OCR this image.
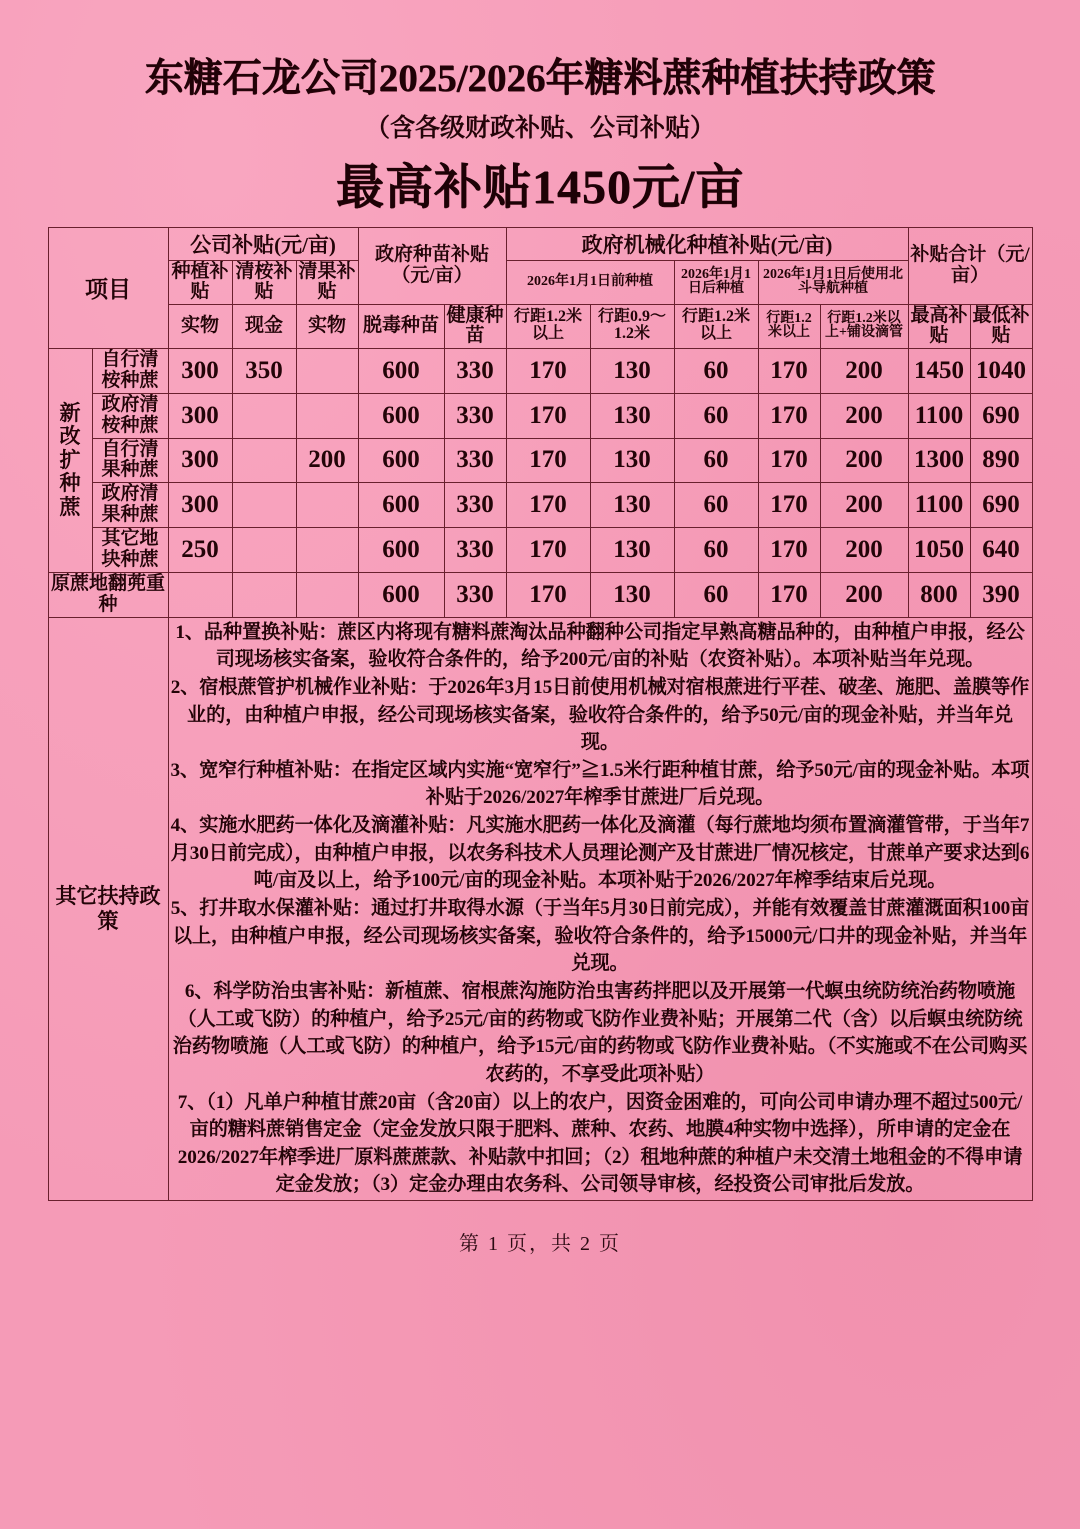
东糖石龙公司2025/2026年糖料蔗种植扶持政策
（含各级财政补贴、公司补贴）
最高补贴1450元/亩
项目		公司补贴(元/亩)			政府种苗补贴（元/亩）		政府机械化种植补贴(元/亩)					补贴合计（元/亩）	
		种植补贴	清桉补贴	清果补贴			2026年1月1日前种植		2026年1月1日后种植	2026年1月1日后使用北斗导航种植			
		实物	现金	实物	脱毒种苗	健康种苗	行距1.2米以上	行距0.9～1.2米	行距1.2米以上	行距1.2米以上	行距1.2米以上+铺设滴管	最高补贴	最低补贴
新改扩种蔗	自行清桉种蔗	300	350		600	330	170	130	60	170	200	1450	1040
	政府清桉种蔗	300			600	330	170	130	60	170	200	1100	690
	自行清果种蔗	300		200	600	330	170	130	60	170	200	1300	890
	政府清果种蔗	300			600	330	170	130	60	170	200	1100	690
	其它地块种蔗	250			600	330	170	130	60	170	200	1050	640
原蔗地翻蔸重种					600	330	170	130	60	170	200	800	390
其它扶持政策	

1、品种置换补贴：蔗区内将现有糖料蔗淘汰品种翻种公司指定早熟高糖品种的，由种植户申报，经公司现场核实备案，验收符合条件的，给予200元/亩的补贴（农资补贴）。本项补贴当年兑现。

2、宿根蔗管护机械作业补贴：于2026年3月15日前使用机械对宿根蔗进行平茬、破垄、施肥、盖膜等作业的，由种植户申报，经公司现场核实备案，验收符合条件的，给予50元/亩的现金补贴，并当年兑现。

3、宽窄行种植补贴：在指定区域内实施“宽窄行”≧1.5米行距种植甘蔗，给予50元/亩的现金补贴。本项补贴于2026/2027年榨季甘蔗进厂后兑现。

4、实施水肥药一体化及滴灌补贴：凡实施水肥药一体化及滴灌（每行蔗地均须布置滴灌管带，于当年7月30日前完成），由种植户申报，以农务科技术人员理论测产及甘蔗进厂情况核定，甘蔗单产要求达到6吨/亩及以上，给予100元/亩的现金补贴。本项补贴于2026/2027年榨季结束后兑现。

5、打井取水保灌补贴：通过打井取得水源（于当年5月30日前完成），并能有效覆盖甘蔗灌溉面积100亩以上，由种植户申报，经公司现场核实备案，验收符合条件的，给予15000元/口井的现金补贴，并当年兑现。

6、科学防治虫害补贴：新植蔗、宿根蔗沟施防治虫害药拌肥以及开展第一代螟虫统防统治药物喷施（人工或飞防）的种植户，给予25元/亩的药物或飞防作业费补贴；开展第二代（含）以后螟虫统防统治药物喷施（人工或飞防）的种植户，给予15元/亩的药物或飞防作业费补贴。（不实施或不在公司购买农药的，不享受此项补贴）

7、（1）凡单户种植甘蔗20亩（含20亩）以上的农户，因资金困难的，可向公司申请办理不超过500元/亩的糖料蔗销售定金（定金发放只限于肥料、蔗种、农药、地膜4种实物中选择），所申请的定金在2026/2027年榨季进厂原料蔗蔗款、补贴款中扣回；（2）租地种蔗的种植户未交清土地租金的不得申请定金发放；（3）定金办理由农务科、公司领导审核，经投资公司审批后发放。

第 1 页，共 2 页
